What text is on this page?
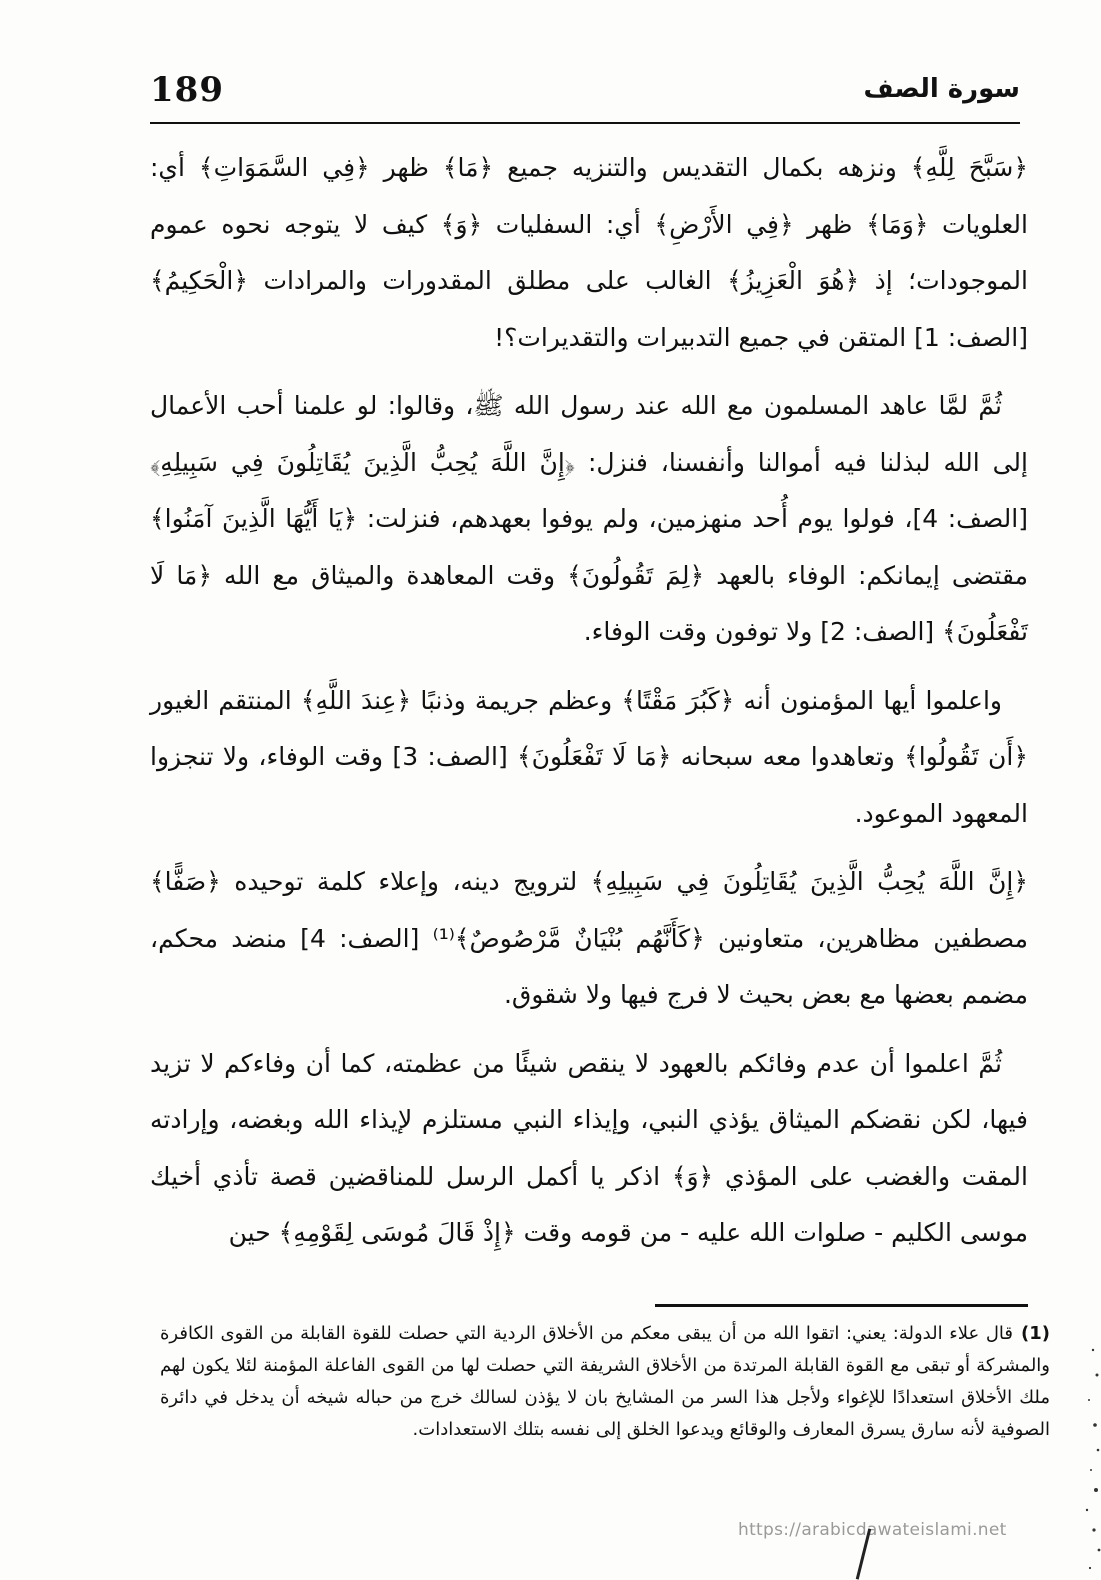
189	سورة الصف

﴿سَبَّحَ لِلَّهِ﴾ ونزهه بكمال التقديس والتنزيه جميع ﴿مَا﴾ ظهر ﴿فِي السَّمَوَاتِ﴾ أي: العلويات ﴿وَمَا﴾ ظهر ﴿فِي الأَرْضِ﴾ أي: السفليات ﴿وَ﴾ كيف لا يتوجه نحوه عموم الموجودات؛ إذ ﴿هُوَ الْعَزِيزُ﴾ الغالب على مطلق المقدورات والمرادات ﴿الْحَكِيمُ﴾ [الصف: 1] المتقن في جميع التدبيرات والتقديرات؟!

ثُمَّ لمَّا عاهد المسلمون مع الله عند رسول الله ﷺ، وقالوا: لو علمنا أحب الأعمال إلى الله لبذلنا فيه أموالنا وأنفسنا، فنزل: ﴿إِنَّ اللَّهَ يُحِبُّ الَّذِينَ يُقَاتِلُونَ فِي سَبِيلِهِ﴾ [الصف: 4]، فولوا يوم أُحد منهزمين، ولم يوفوا بعهدهم، فنزلت: ﴿يَا أَيُّهَا الَّذِينَ آمَنُوا﴾ مقتضى إيمانكم: الوفاء بالعهد ﴿لِمَ تَقُولُونَ﴾ وقت المعاهدة والميثاق مع الله ﴿مَا لَا تَفْعَلُونَ﴾ [الصف: 2] ولا توفون وقت الوفاء.

واعلموا أيها المؤمنون أنه ﴿كَبُرَ مَقْتًا﴾ وعظم جريمة وذنبًا ﴿عِندَ اللَّهِ﴾ المنتقم الغيور ﴿أَن تَقُولُوا﴾ وتعاهدوا معه سبحانه ﴿مَا لَا تَفْعَلُونَ﴾ [الصف: 3] وقت الوفاء، ولا تنجزوا المعهود الموعود.

﴿إِنَّ اللَّهَ يُحِبُّ الَّذِينَ يُقَاتِلُونَ فِي سَبِيلِهِ﴾ لترويج دينه، وإعلاء كلمة توحيده ﴿صَفًّا﴾ مصطفين مظاهرين، متعاونين ﴿كَأَنَّهُم بُنْيَانٌ مَّرْصُوصٌ﴾⁽¹⁾ [الصف: 4] منضد محكم، مضمم بعضها مع بعض بحيث لا فرج فيها ولا شقوق.

ثُمَّ اعلموا أن عدم وفائكم بالعهود لا ينقص شيئًا من عظمته، كما أن وفاءكم لا تزيد فيها، لكن نقضكم الميثاق يؤذي النبي، وإيذاء النبي مستلزم لإيذاء الله وبغضه، وإرادته المقت والغضب على المؤذي ﴿وَ﴾ اذكر يا أكمل الرسل للمناقضين قصة تأذي أخيك موسى الكليم - صلوات الله عليه - من قومه وقت ﴿إِذْ قَالَ مُوسَى لِقَوْمِهِ﴾ حين

(1)قال علاء الدولة: يعني: اتقوا الله من أن يبقى معكم من الأخلاق الردية التي حصلت للقوة القابلة من القوى الكافرة والمشركة أو تبقى مع القوة القابلة المرتدة من الأخلاق الشريفة التي حصلت لها من القوى الفاعلة المؤمنة لئلا يكون لهم ملك الأخلاق استعدادًا للإغواء ولأجل هذا السر من المشايخ بان لا يؤذن لسالك خرج من حباله شيخه أن يدخل في دائرة الصوفية لأنه سارق يسرق المعارف والوقائع ويدعوا الخلق إلى نفسه بتلك الاستعدادات.
https://arabicdawateislami.net
